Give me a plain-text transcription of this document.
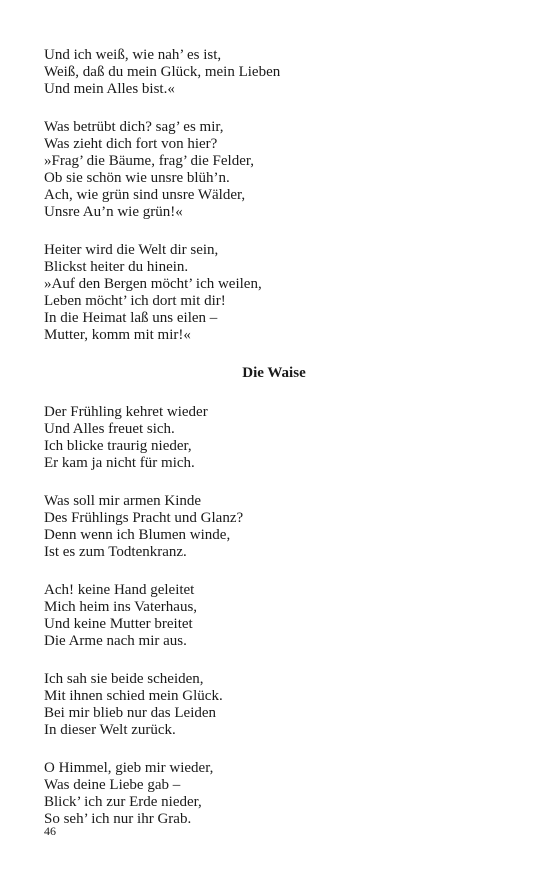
Und ich weiß, wie nah’ es ist,
Weiß, daß du mein Glück, mein Lieben
Und mein Alles bist.«
Was betrübt dich? sag’ es mir,
Was zieht dich fort von hier?
»Frag’ die Bäume, frag’ die Felder,
Ob sie schön wie unsre blüh’n.
Ach, wie grün sind unsre Wälder,
Unsre Au’n wie grün!«
Heiter wird die Welt dir sein,
Blickst heiter du hinein.
»Auf den Bergen möcht’ ich weilen,
Leben möcht’ ich dort mit dir!
In die Heimat laß uns eilen –
Mutter, komm mit mir!«
Die Waise
Der Frühling kehret wieder
Und Alles freuet sich.
Ich blicke traurig nieder,
Er kam ja nicht für mich.
Was soll mir armen Kinde
Des Frühlings Pracht und Glanz?
Denn wenn ich Blumen winde,
Ist es zum Todtenkranz.
Ach! keine Hand geleitet
Mich heim ins Vaterhaus,
Und keine Mutter breitet
Die Arme nach mir aus.
Ich sah sie beide scheiden,
Mit ihnen schied mein Glück.
Bei mir blieb nur das Leiden
In dieser Welt zurück.
O Himmel, gieb mir wieder,
Was deine Liebe gab –
Blick’ ich zur Erde nieder,
So seh’ ich nur ihr Grab.
46
